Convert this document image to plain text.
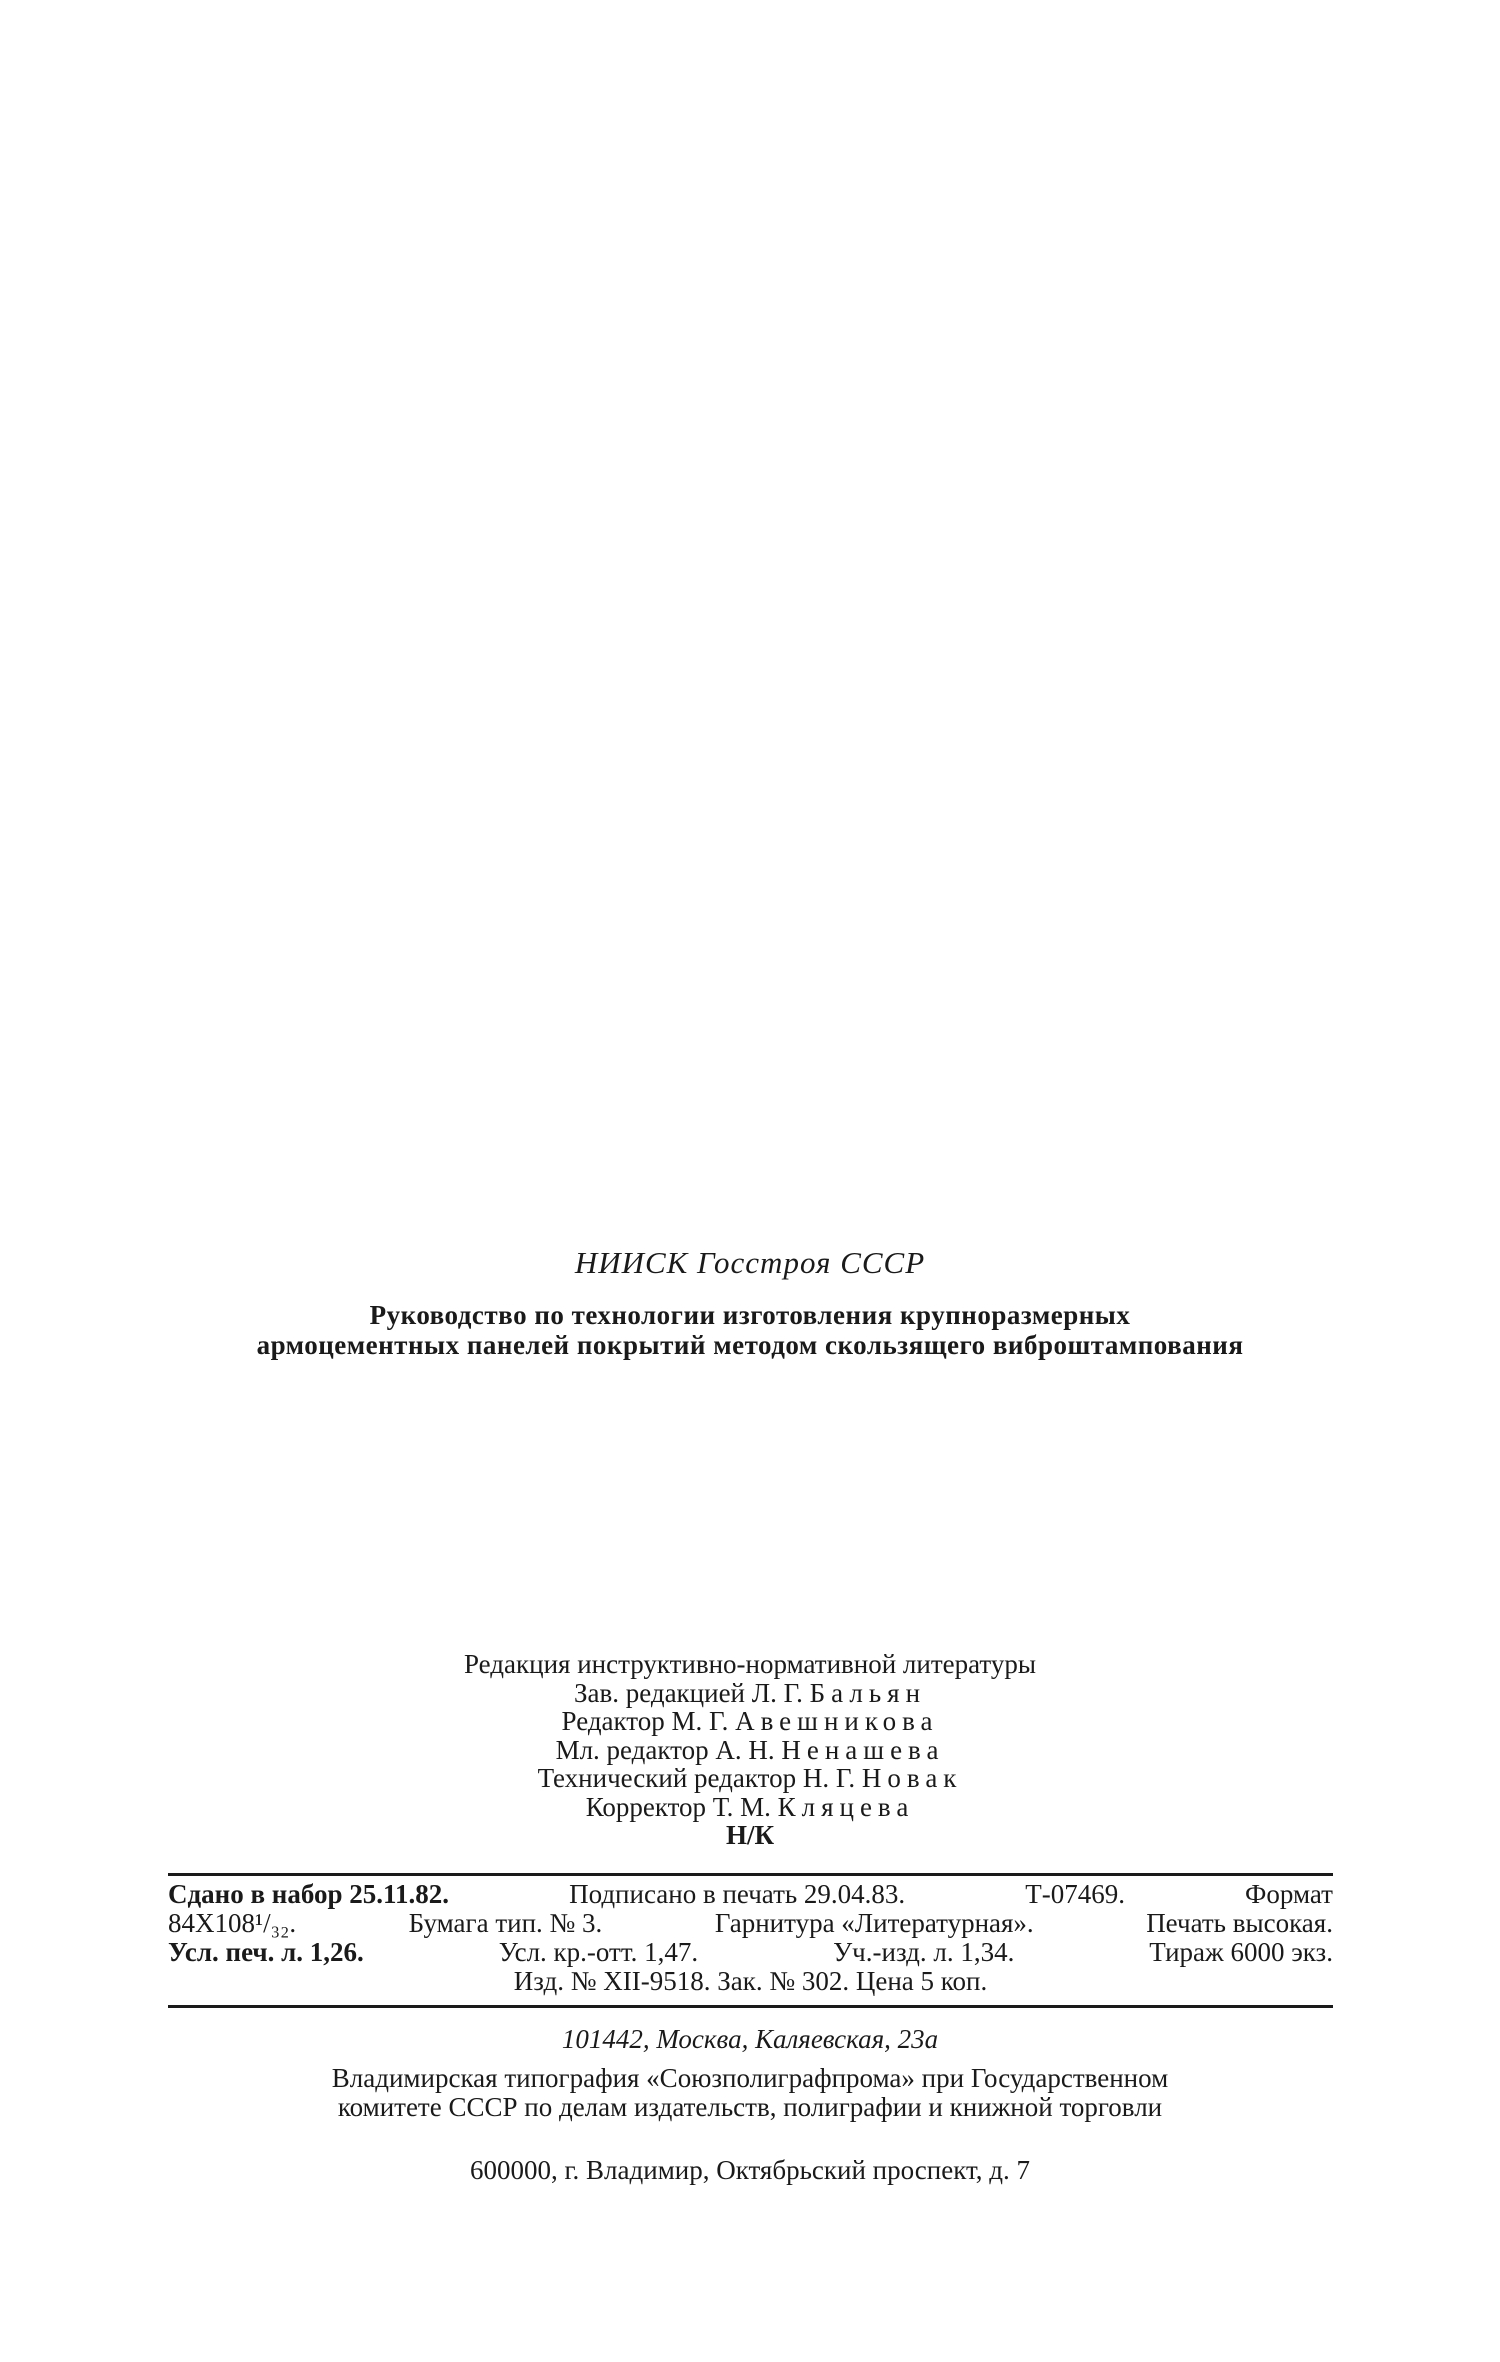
НИИСК Госстроя СССР
Руководство по технологии изготовления крупноразмерных
армоцементных панелей покрытий методом скользящего виброштампования
Редакция инструктивно-нормативной литературы
Зав. редакцией Л. Г. Бальян
Редактор М. Г. Авешникова
Мл. редактор А. Н. Ненашева
Технический редактор Н. Г. Новак
Корректор Т. М. Кляцева
Н/К
Сдано в набор 25.11.82.	Подписано в печать 29.04.83.	Т-07469.	Формат
84Х108¹/₃₂.	Бумага тип. № 3.	Гарнитура «Литературная».	Печать высокая.
Усл. печ. л. 1,26.	Усл. кр.-отт. 1,47.	Уч.-изд. л. 1,34.	Тираж 6000 экз.
Изд. № XII-9518. Зак. № 302. Цена 5 коп.
101442, Москва, Каляевская, 23а
Владимирская типография «Союзполиграфпрома» при Государственном
комитете СССР по делам издательств, полиграфии и книжной торговли
600000, г. Владимир, Октябрьский проспект, д. 7
